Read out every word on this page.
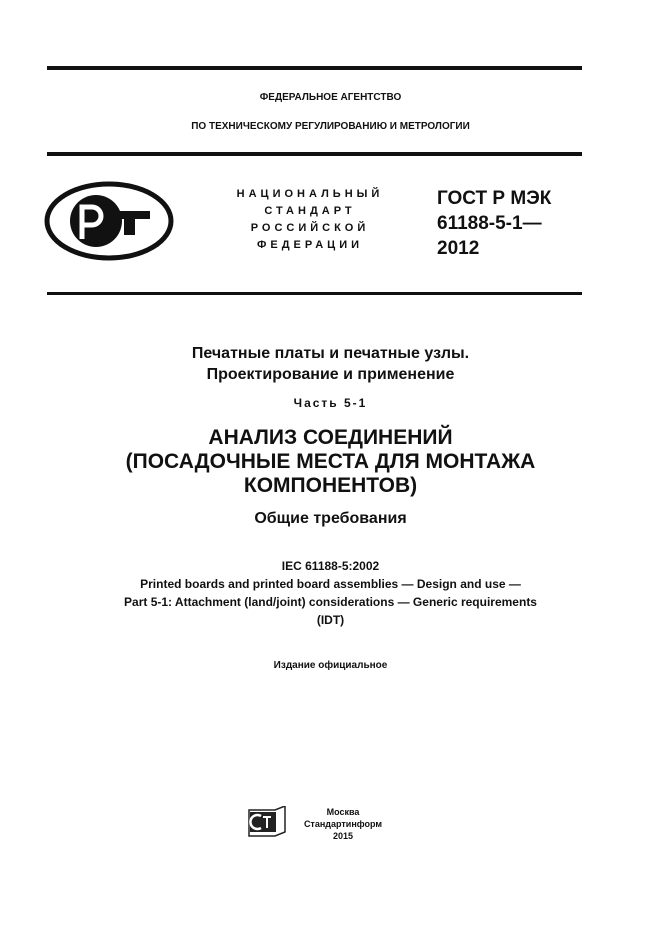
ФЕДЕРАЛЬНОЕ АГЕНТСТВО
ПО ТЕХНИЧЕСКОМУ РЕГУЛИРОВАНИЮ И МЕТРОЛОГИИ
НАЦИОНАЛЬНЫЙ
СТАНДАРТ
РОССИЙСКОЙ
ФЕДЕРАЦИИ
ГОСТ Р МЭК
61188-5-1—
2012
Печатные платы и печатные узлы.
Проектирование и применение
Часть 5-1
АНАЛИЗ СОЕДИНЕНИЙ
(ПОСАДОЧНЫЕ МЕСТА ДЛЯ МОНТАЖА
КОМПОНЕНТОВ)
Общие требования
IEC 61188-5:2002
Printed boards and printed board assemblies — Design and use —
Part 5-1: Attachment (land/joint) considerations — Generic requirements
(IDT)
Издание официальное
Москва
Стандартинформ
2015
